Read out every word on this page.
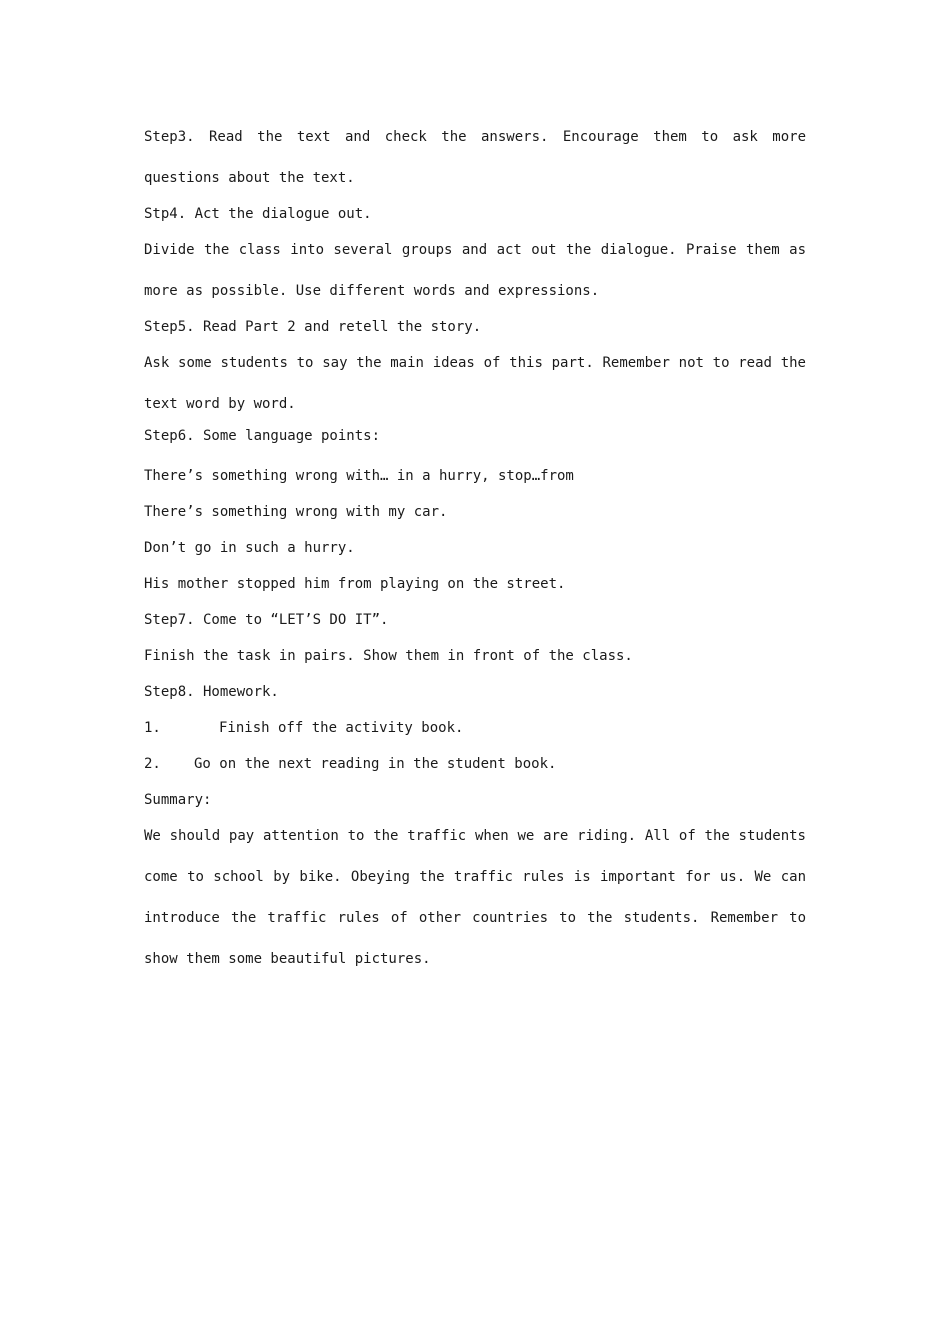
Step3. Read the text and check the answers. Encourage them to ask more
questions about the text.
Stp4. Act the dialogue out.
Divide the class into several groups and act out the dialogue. Praise them as
more as possible. Use different words and expressions.
Step5. Read Part 2 and retell the story.
Ask some students to say the main ideas of this part. Remember not to read the
text word by word.
Step6. Some language points:
There’s something wrong with… in a hurry, stop…from
There’s something wrong with my car.
Don’t go in such a hurry.
His mother stopped him from playing on the street.
Step7. Come to “LET’S DO IT”.
Finish the task in pairs. Show them in front of the class.
Step8. Homework.
1.	Finish off the activity book.
2. Go on the next reading in the student book.
Summary:
We should pay attention to the traffic when we are riding. All of the students
come to school by bike. Obeying the traffic rules is important for us. We can
introduce the traffic rules of other countries to the students. Remember to
show them some beautiful pictures.
